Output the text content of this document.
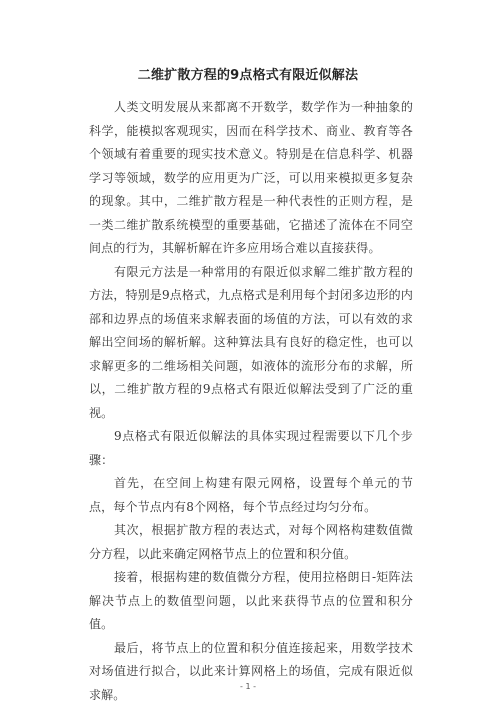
二维扩散方程的9点格式有限近似解法

人类文明发展从来都离不开数学，数学作为一种抽象的科学，能模拟客观现实，因而在科学技术、商业、教育等各个领域有着重要的现实技术意义。特别是在信息科学、机器学习等领域，数学的应用更为广泛，可以用来模拟更多复杂的现象。其中，二维扩散方程是一种代表性的正则方程，是一类二维扩散系统模型的重要基础，它描述了流体在不同空间点的行为，其解析解在许多应用场合难以直接获得。

有限元方法是一种常用的有限近似求解二维扩散方程的方法，特别是9点格式，九点格式是利用每个封闭多边形的内部和边界点的场值来求解表面的场值的方法，可以有效的求解出空间场的解析解。这种算法具有良好的稳定性，也可以求解更多的二维场相关问题，如液体的流形分布的求解，所以，二维扩散方程的9点格式有限近似解法受到了广泛的重视。

9点格式有限近似解法的具体实现过程需要以下几个步骤：

首先，在空间上构建有限元网格，设置每个单元的节点，每个节点内有8个网格，每个节点经过均匀分布。

其次，根据扩散方程的表达式，对每个网格构建数值微分方程，以此来确定网格节点上的位置和积分值。

接着，根据构建的数值微分方程，使用拉格朗日-矩阵法解决节点上的数值型问题，以此来获得节点的位置和积分值。

最后，将节点上的位置和积分值连接起来，用数学技术对场值进行拟合，以此来计算网格上的场值，完成有限近似求解。

- 1 -
